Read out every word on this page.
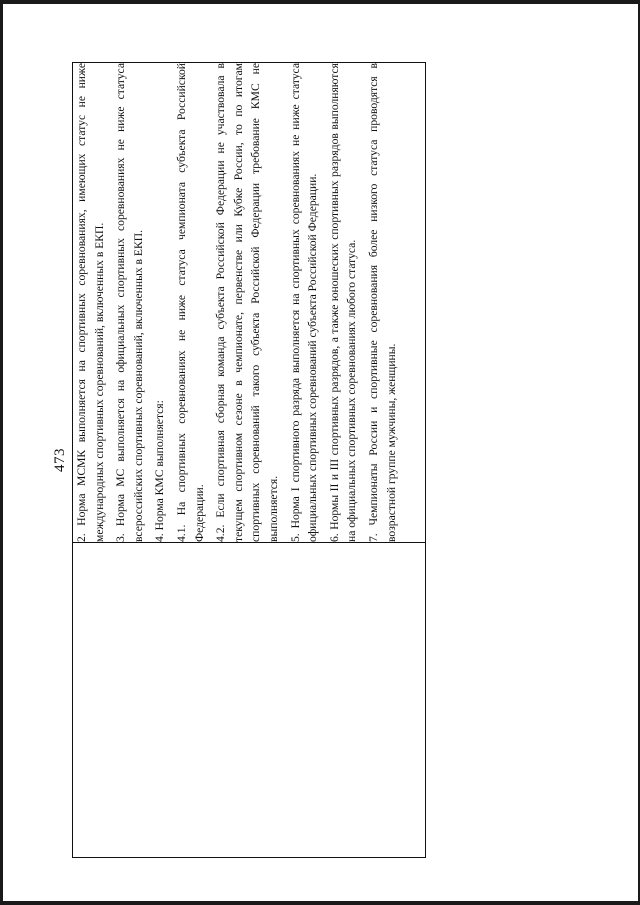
473
	2. Норма МСМК выполняется на спортивных соревнованиях, имеющих статус не ниже международных спортивных соревнований, включенных в ЕКП. 3. Норма МС выполняется на официальных спортивных соревнованиях не ниже статуса всероссийских спортивных соревнований, включенных в ЕКП. 4. Норма КМС выполняется: 4.1. На спортивных соревнованиях не ниже статуса чемпионата субъекта Российской Федерации. 4.2. Если спортивная сборная команда субъекта Российской Федерации не участвовала в текущем спортивном сезоне в чемпионате, первенстве или Кубке России, то по итогам спортивных соревнований такого субъекта Российской Федерации требование КМС не выполняется. 5. Норма I спортивного разряда выполняется на спортивных соревнованиях не ниже статуса официальных спортивных соревнований субъекта Российской Федерации. 6. Нормы II и III спортивных разрядов, а также юношеских спортивных разрядов выполняются на официальных спортивных соревнованиях любого статуса. 7. Чемпионаты России и спортивные соревнования более низкого статуса проводятся в возрастной группе мужчины, женщины.
